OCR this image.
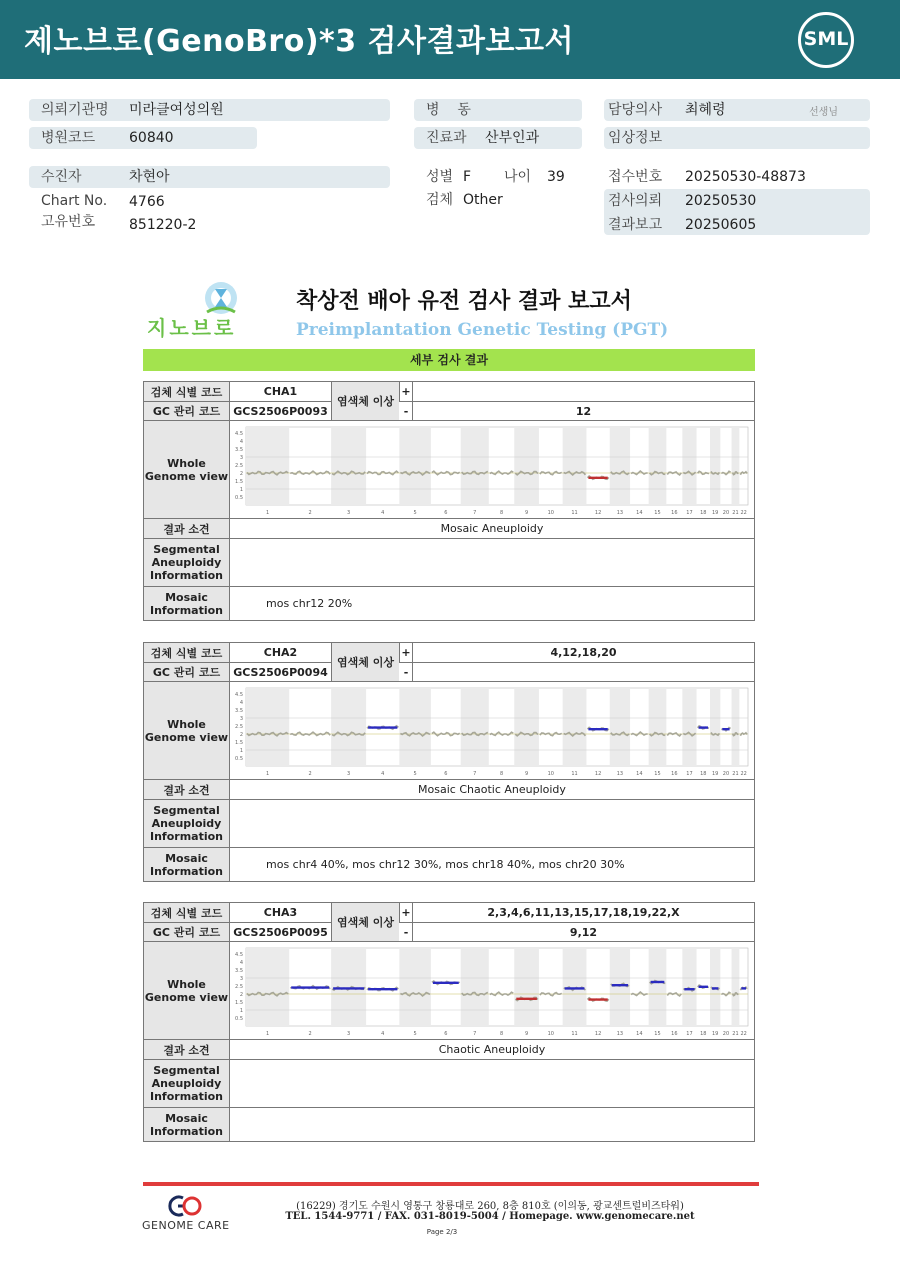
제노브로(GenoBro)*3 검사결과보고서	SML
의뢰기관명 미라클여성의원
병원코드 60840
수진자	차현아
Chart No. 4766
고유번호 851220-2
병    동
진료과 산부인과
성별 F 나이 39
검체 Other
담당의사 최혜령	선생님
임상정보
접수번호 20250530-48873
검사의뢰 20250530
결과보고 20250605
지노브로
착상전 배아 유전 검사 결과 보고서
Preimplantation Genetic Testing (PGT)
세부 검사 결과
검체 식별 코드	CHA1	+
GC 관리 코드	GCS2506P0093	-	12
염색체 이상
Whole Genome view
4.5
4
3.5
3
2.5
2
1.5
1
0.5
1	2	3	4	5	6	7	8	9	10	11	12	13	14 15 16 17 18 19 20 21 22
결과 소견	Mosaic Aneuploidy
Segmental Aneuploidy Information
Mosaic Information	mos chr12 20%
검체 식별 코드	CHA2	+	4,12,18,20
GC 관리 코드	GCS2506P0094	-
염색체 이상
Whole Genome view
4.5
4
3.5
3
2.5
2
1.5
1
0.5
1	2	3	4	5	6	7	8	9	10	11	12	13	14 15 16 17 18 19 20 21 22
결과 소견	Mosaic Chaotic Aneuploidy
Segmental Aneuploidy Information
Mosaic Information	mos chr4 40%, mos chr12 30%, mos chr18 40%, mos chr20 30%
검체 식별 코드	CHA3	+	2,3,4,6,11,13,15,17,18,19,22,X
GC 관리 코드	GCS2506P0095	-	9,12
염색체 이상
Whole Genome view
4.5
4
3.5
3
2.5
2
1.5
1
0.5
1	2	3	4	5	6	7	8	9	10	11	12	13	14 15 16 17 18 19 20 21 22
결과 소견	Chaotic Aneuploidy
Segmental Aneuploidy Information
Mosaic Information
GENOME CARE
(16229) 경기도 수원시 영통구 창룡대로 260, 8층 810호 (이의동, 광교센트럴비즈타워)
TEL. 1544-9771 / FAX. 031-8019-5004 / Homepage. www.genomecare.net
Page 2/3
